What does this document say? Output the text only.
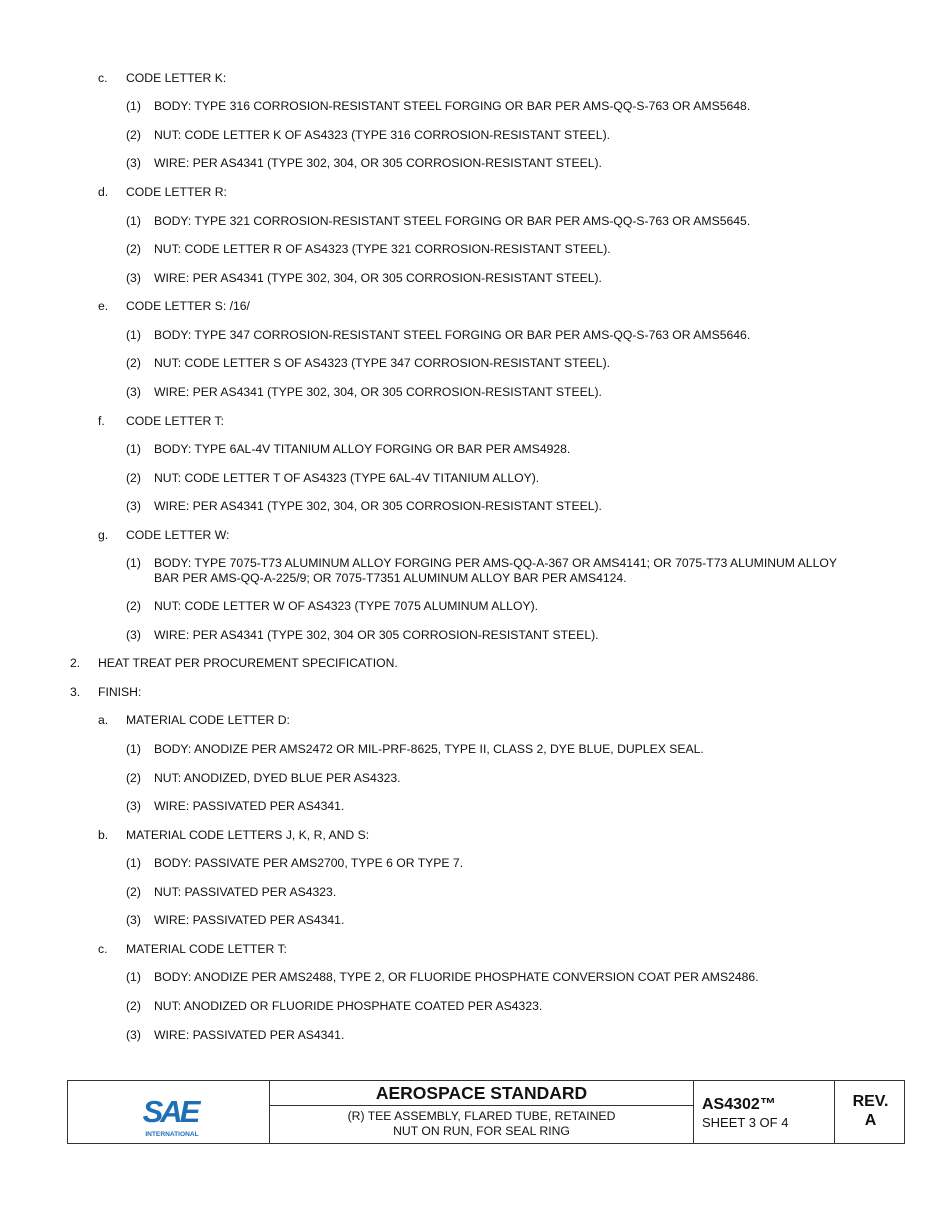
c. CODE LETTER K:
(1) BODY: TYPE 316 CORROSION-RESISTANT STEEL FORGING OR BAR PER AMS-QQ-S-763 OR AMS5648.
(2) NUT: CODE LETTER K OF AS4323 (TYPE 316 CORROSION-RESISTANT STEEL).
(3) WIRE: PER AS4341 (TYPE 302, 304, OR 305 CORROSION-RESISTANT STEEL).
d. CODE LETTER R:
(1) BODY: TYPE 321 CORROSION-RESISTANT STEEL FORGING OR BAR PER AMS-QQ-S-763 OR AMS5645.
(2) NUT: CODE LETTER R OF AS4323 (TYPE 321 CORROSION-RESISTANT STEEL).
(3) WIRE: PER AS4341 (TYPE 302, 304, OR 305 CORROSION-RESISTANT STEEL).
e. CODE LETTER S: /16/
(1) BODY: TYPE 347 CORROSION-RESISTANT STEEL FORGING OR BAR PER AMS-QQ-S-763 OR AMS5646.
(2) NUT: CODE LETTER S OF AS4323 (TYPE 347 CORROSION-RESISTANT STEEL).
(3) WIRE: PER AS4341 (TYPE 302, 304, OR 305 CORROSION-RESISTANT STEEL).
f. CODE LETTER T:
(1) BODY: TYPE 6AL-4V TITANIUM ALLOY FORGING OR BAR PER AMS4928.
(2) NUT: CODE LETTER T OF AS4323 (TYPE 6AL-4V TITANIUM ALLOY).
(3) WIRE: PER AS4341 (TYPE 302, 304, OR 305 CORROSION-RESISTANT STEEL).
g. CODE LETTER W:
(1) BODY: TYPE 7075-T73 ALUMINUM ALLOY FORGING PER AMS-QQ-A-367 OR AMS4141; OR 7075-T73 ALUMINUM ALLOY
BAR PER AMS-QQ-A-225/9; OR 7075-T7351 ALUMINUM ALLOY BAR PER AMS4124.
(2) NUT: CODE LETTER W OF AS4323 (TYPE 7075 ALUMINUM ALLOY).
(3) WIRE: PER AS4341 (TYPE 302, 304 OR 305 CORROSION-RESISTANT STEEL).
2. HEAT TREAT PER PROCUREMENT SPECIFICATION.
3. FINISH:
a. MATERIAL CODE LETTER D:
(1) BODY: ANODIZE PER AMS2472 OR MIL-PRF-8625, TYPE II, CLASS 2, DYE BLUE, DUPLEX SEAL.
(2) NUT: ANODIZED, DYED BLUE PER AS4323.
(3) WIRE: PASSIVATED PER AS4341.
b. MATERIAL CODE LETTERS J, K, R, AND S:
(1) BODY: PASSIVATE PER AMS2700, TYPE 6 OR TYPE 7.
(2) NUT: PASSIVATED PER AS4323.
(3) WIRE: PASSIVATED PER AS4341.
c. MATERIAL CODE LETTER T:
(1) BODY: ANODIZE PER AMS2488, TYPE 2, OR FLUORIDE PHOSPHATE CONVERSION COAT PER AMS2486.
(2) NUT: ANODIZED OR FLUORIDE PHOSPHATE COATED PER AS4323.
(3) WIRE: PASSIVATED PER AS4341.
SAE
INTERNATIONAL
AEROSPACE STANDARD
(R) TEE ASSEMBLY, FLARED TUBE, RETAINED
NUT ON RUN, FOR SEAL RING
AS4302™
SHEET 3 OF 4
REV.
A
